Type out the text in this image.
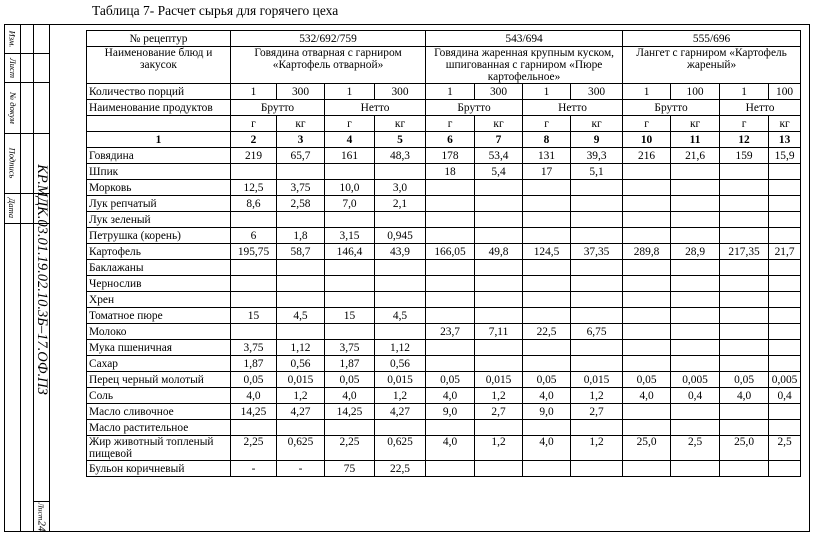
Таблица 7- Расчет сырья для горячего цеха
Изм.
Лист
№ докум
Подпись
Дата КР.МДК.03.01.19.02.10.3Б–17.ОФ.ПЗ
Лист
24
№ рецептур	532/692/759				543/694				555/696			
Наименование блюд и закусок	Говядина отварная с гарниром «Картофель отварной»				Говядина жаренная крупным куском, шпигованная с гарниром «Пюре картофельное»				Лангет с гарниром «Картофель жареный»			
Количество порций	1	300	1	300	1	300	1	300	1	100	1	100
Наименование продуктов	Брутто		Нетто		Брутто		Нетто		Брутто		Нетто	
	г	кг	г	кг	г	кг	г	кг	г	кг	г	кг
1	2	3	4	5	6	7	8	9	10	11	12	13
Говядина	219	65,7	161	48,3	178	53,4	131	39,3	216	21,6	159	15,9
Шпик					18	5,4	17	5,1				
Морковь	12,5	3,75	10,0	3,0								
Лук репчатый	8,6	2,58	7,0	2,1								
Лук зеленый												
Петрушка (корень)	6	1,8	3,15	0,945								
Картофель	195,75	58,7	146,4	43,9	166,05	49,8	124,5	37,35	289,8	28,9	217,35	21,7
Баклажаны												
Чернослив												
Хрен												
Томатное пюре	15	4,5	15	4,5								
Молоко					23,7	7,11	22,5	6,75				
Мука пшеничная	3,75	1,12	3,75	1,12								
Сахар	1,87	0,56	1,87	0,56								
Перец черный молотый	0,05	0,015	0,05	0,015	0,05	0,015	0,05	0,015	0,05	0,005	0,05	0,005
Соль	4,0	1,2	4,0	1,2	4,0	1,2	4,0	1,2	4,0	0,4	4,0	0,4
Масло сливочное	14,25	4,27	14,25	4,27	9,0	2,7	9,0	2,7				
Масло растительное												
Жир животный топленый пищевой	2,25	0,625	2,25	0,625	4,0	1,2	4,0	1,2	25,0	2,5	25,0	2,5
Бульон коричневый	-	-	75	22,5								
